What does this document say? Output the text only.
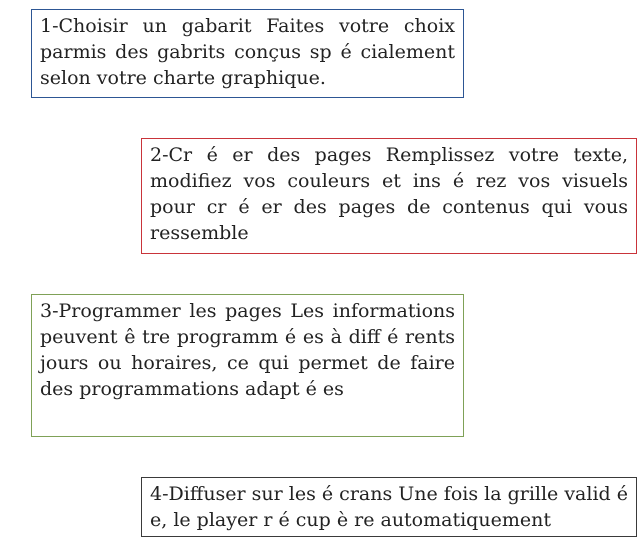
1-Choisir un gabarit Faites votre choix parmis des gabrits conçus sp é cialement selon votre charte graphique.

2-Cr é er des pages Remplissez votre texte, modifiez vos couleurs et ins é rez vos visuels pour cr é er des pages de contenus qui vous ressemble

3-Programmer les pages Les informations peuvent ê tre programm é es à diff é rents jours ou horaires, ce qui permet de faire des programmations adapt é es

4-Diffuser sur les é crans Une fois la grille valid é e, le player r é cup è re automatiquement
